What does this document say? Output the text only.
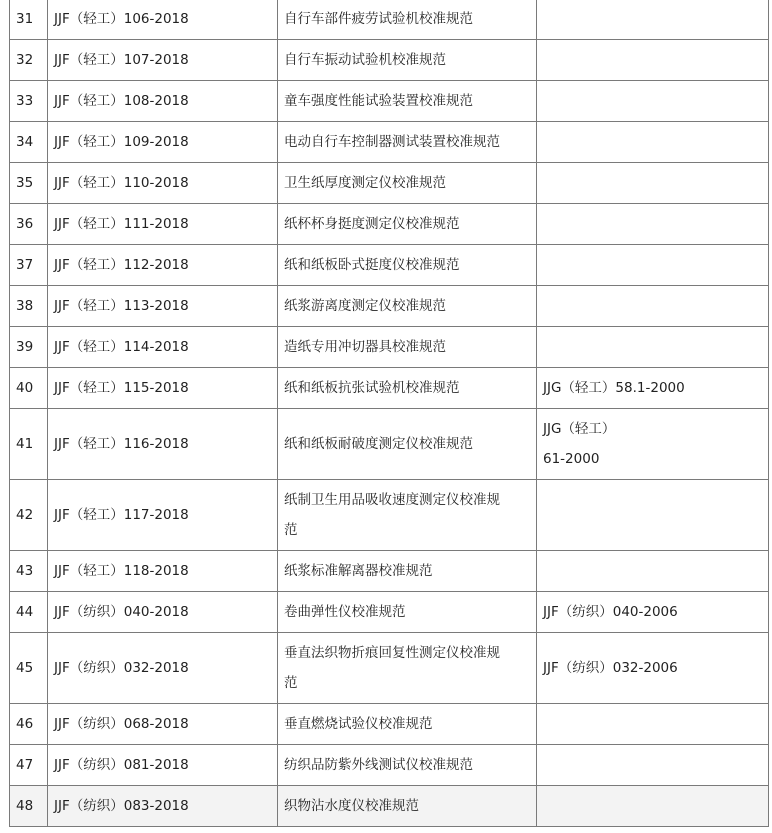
31	JJF（轻工）106-2018	自行车部件疲劳试验机校准规范	
32	JJF（轻工）107-2018	自行车振动试验机校准规范	
33	JJF（轻工）108-2018	童车强度性能试验装置校准规范	
34	JJF（轻工）109-2018	电动自行车控制器测试装置校准规范	
35	JJF（轻工）110-2018	卫生纸厚度测定仪校准规范	
36	JJF（轻工）111-2018	纸杯杯身挺度测定仪校准规范	
37	JJF（轻工）112-2018	纸和纸板卧式挺度仪校准规范	
38	JJF（轻工）113-2018	纸浆游离度测定仪校准规范	
39	JJF（轻工）114-2018	造纸专用冲切器具校准规范	
40	JJF（轻工）115-2018	纸和纸板抗张试验机校准规范	JJG（轻工）58.1-2000
41	JJF（轻工）116-2018	纸和纸板耐破度测定仪校准规范	JJG（轻工）
61-2000
42	JJF（轻工）117-2018	纸制卫生用品吸收速度测定仪校准规
范	
43	JJF（轻工）118-2018	纸浆标准解离器校准规范	
44	JJF（纺织）040-2018	卷曲弹性仪校准规范	JJF（纺织）040-2006
45	JJF（纺织）032-2018	垂直法织物折痕回复性测定仪校准规
范	JJF（纺织）032-2006
46	JJF（纺织）068-2018	垂直燃烧试验仪校准规范	
47	JJF（纺织）081-2018	纺织品防紫外线测试仪校准规范	
48	JJF（纺织）083-2018	织物沾水度仪校准规范	
